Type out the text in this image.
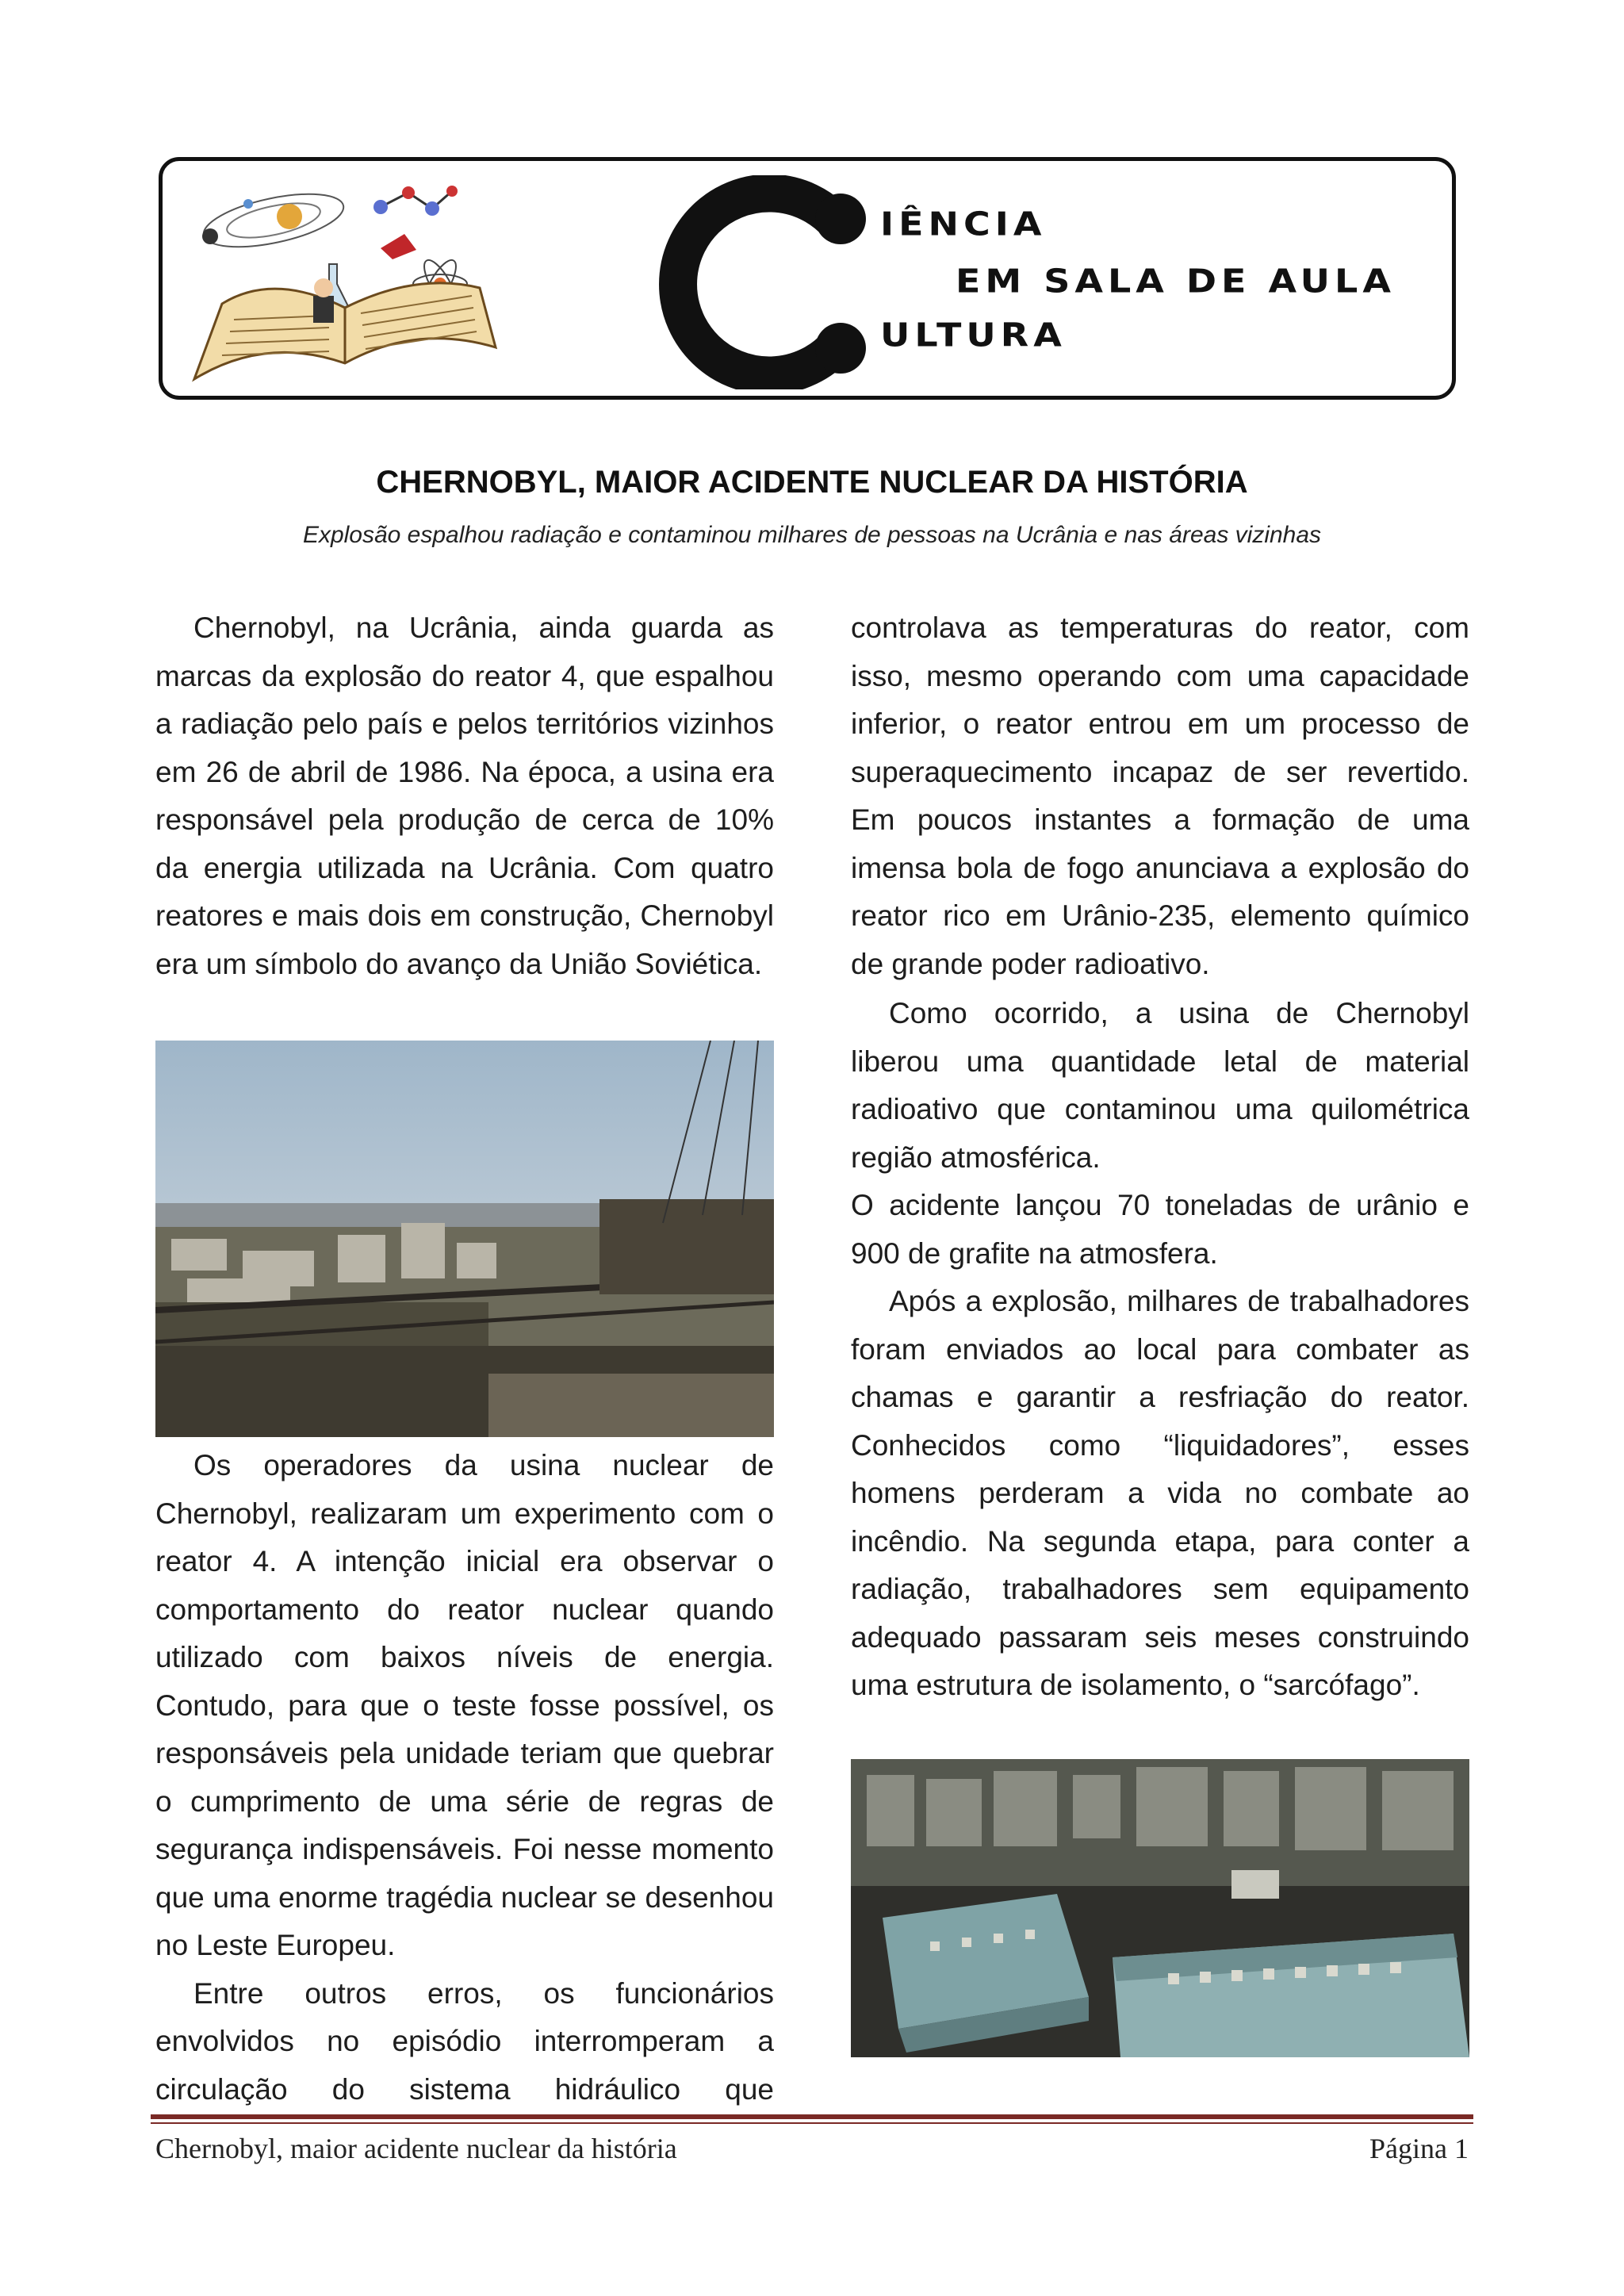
IÊNCIA
EM SALA DE AULA
ULTURA
CHERNOBYL, MAIOR ACIDENTE NUCLEAR DA HISTÓRIA
Explosão espalhou radiação e contaminou milhares de pessoas na Ucrânia e nas áreas vizinhas

Chernobyl, na Ucrânia, ainda guarda as marcas da explosão do reator 4, que espalhou a radiação pelo país e pelos territórios vizinhos em 26 de abril de 1986. Na época, a usina era responsável pela produção de cerca de 10% da energia utilizada na Ucrânia. Com quatro reatores e mais dois em construção, Chernobyl era um símbolo do avanço da União Soviética.

Os operadores da usina nuclear de Chernobyl, realizaram um experimento com o reator 4. A intenção inicial era observar o comportamento do reator nuclear quando utilizado com baixos níveis de energia. Contudo, para que o teste fosse possível, os responsáveis pela unidade teriam que quebrar o cumprimento de uma série de regras de segurança indispensáveis. Foi nesse momento que uma enorme tragédia nuclear se desenhou no Leste Europeu.

Entre outros erros, os funcionários envolvidos no episódio interromperam a circulação do sistema hidráulico que

controlava as temperaturas do reator, com isso, mesmo operando com uma capacidade inferior, o reator entrou em um processo de superaquecimento incapaz de ser revertido. Em poucos instantes a formação de uma imensa bola de fogo anunciava a explosão do reator rico em Urânio-235, elemento químico de grande poder radioativo.

Como ocorrido, a usina de Chernobyl liberou uma quantidade letal de material radioativo que contaminou uma quilométrica região atmosférica.

O acidente lançou 70 toneladas de urânio e 900 de grafite na atmosfera.

Após a explosão, milhares de trabalhadores foram enviados ao local para combater as chamas e garantir a resfriação do reator. Conhecidos como “liquidadores”, esses homens perderam a vida no combate ao incêndio. Na segunda etapa, para conter a radiação, trabalhadores sem equipamento adequado passaram seis meses construindo uma estrutura de isolamento, o “sarcófago”.

Chernobyl, maior acidente nuclear da história	Página 1
